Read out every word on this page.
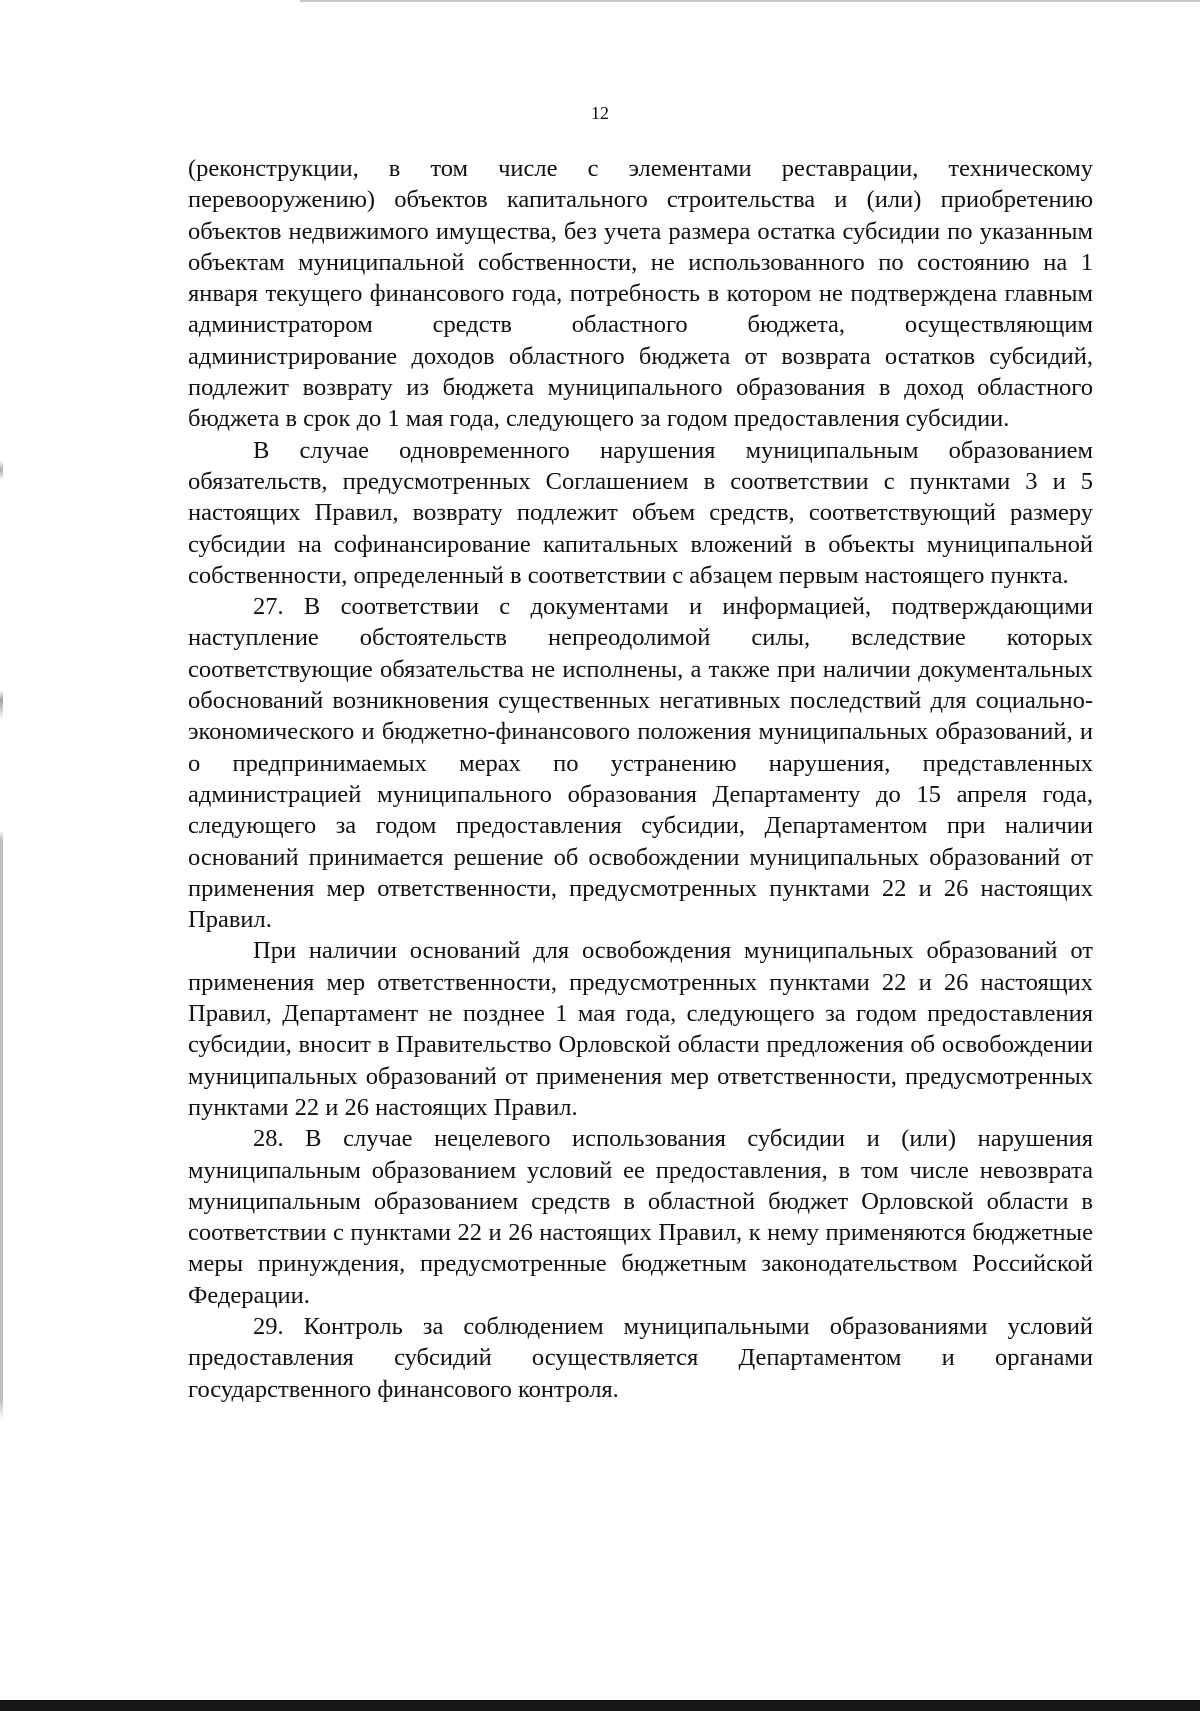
12

(реконструкции, в том числе с элементами реставрации, техническому перевооружению) объектов капитального строительства и (или) приобретению объектов недвижимого имущества, без учета размера остатка субсидии по указанным объектам муниципальной собственности, не использованного по состоянию на 1 января текущего финансового года, потребность в котором не подтверждена главным администратором средств областного бюджета, осуществляющим администрирование доходов областного бюджета от возврата остатков субсидий, подлежит возврату из бюджета муниципального образования в доход областного бюджета в срок до 1 мая года, следующего за годом предоставления субсидии.

В случае одновременного нарушения муниципальным образованием обязательств, предусмотренных Соглашением в соответствии с пунктами 3 и 5 настоящих Правил, возврату подлежит объем средств, соответствующий размеру субсидии на софинансирование капитальных вложений в объекты муниципальной собственности, определенный в соответствии с абзацем первым настоящего пункта.

27. В соответствии с документами и информацией, подтверждающими наступление обстоятельств непреодолимой силы, вследствие которых соответствующие обязательства не исполнены, а также при наличии документальных обоснований возникновения существенных негативных последствий для социально-экономического и бюджетно-финансового положения муниципальных образований, и о предпринимаемых мерах по устранению нарушения, представленных администрацией муниципального образования Департаменту до 15 апреля года, следующего за годом предоставления субсидии, Департаментом при наличии оснований принимается решение об освобождении муниципальных образований от применения мер ответственности, предусмотренных пунктами 22 и 26 настоящих Правил.

При наличии оснований для освобождения муниципальных образований от применения мер ответственности, предусмотренных пунктами 22 и 26 настоящих Правил, Департамент не позднее 1 мая года, следующего за годом предоставления субсидии, вносит в Правительство Орловской области предложения об освобождении муниципальных образований от применения мер ответственности, предусмотренных пунктами 22 и 26 настоящих Правил.

28. В случае нецелевого использования субсидии и (или) нарушения муниципальным образованием условий ее предоставления, в том числе невозврата муниципальным образованием средств в областной бюджет Орловской области в соответствии с пунктами 22 и 26 настоящих Правил, к нему применяются бюджетные меры принуждения, предусмотренные бюджетным законодательством Российской Федерации.

29. Контроль за соблюдением муниципальными образованиями условий предоставления субсидий осуществляется Департаментом и органами государственного финансового контроля.
